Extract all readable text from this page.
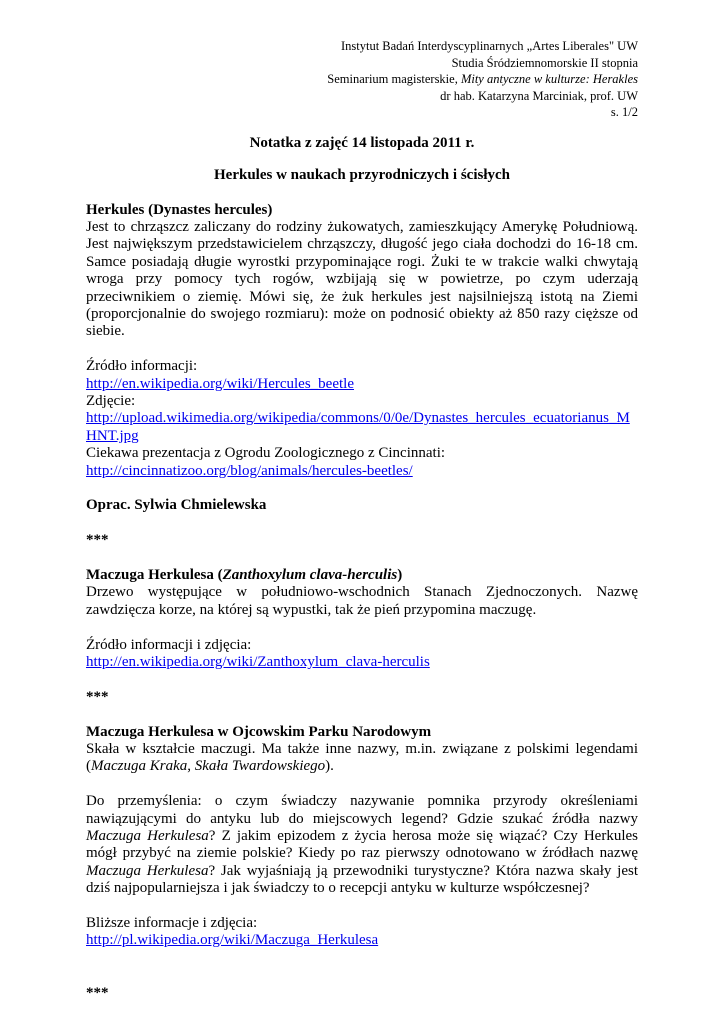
Instytut Badań Interdyscyplinarnych „Artes Liberales" UW
Studia Śródziemnomorskie II stopnia
Seminarium magisterskie, Mity antyczne w kulturze: Herakles
dr hab. Katarzyna Marciniak, prof. UW
s. 1/2
Notatka z zajęć 14 listopada 2011 r.
Herkules w naukach przyrodniczych i ścisłych

Herkules (Dynastes hercules)

Jest to chrząszcz zaliczany do rodziny żukowatych, zamieszkujący Amerykę Południową. Jest największym przedstawicielem chrząszczy, długość jego ciała dochodzi do 16-18 cm. Samce posiadają długie wyrostki przypominające rogi. Żuki te w trakcie walki chwytają wroga przy pomocy tych rogów, wzbijają się w powietrze, po czym uderzają przeciwnikiem o ziemię. Mówi się, że żuk herkules jest najsilniejszą istotą na Ziemi (proporcjonalnie do swojego rozmiaru): może on podnosić obiekty aż 850 razy cięższe od siebie.

Źródło informacji:

http://en.wikipedia.org/wiki/Hercules_beetle

Zdjęcie:

http://upload.wikimedia.org/wikipedia/commons/0/0e/Dynastes_hercules_ecuatorianus_MHNT.jpg

Ciekawa prezentacja z Ogrodu Zoologicznego z Cincinnati:

http://cincinnatizoo.org/blog/animals/hercules-beetles/

Oprac. Sylwia Chmielewska

***

Maczuga Herkulesa (Zanthoxylum clava-herculis)

Drzewo występujące w południowo-wschodnich Stanach Zjednoczonych. Nazwę zawdzięcza korze, na której są wypustki, tak że pień przypomina maczugę.

Źródło informacji i zdjęcia:

http://en.wikipedia.org/wiki/Zanthoxylum_clava-herculis

***

Maczuga Herkulesa w Ojcowskim Parku Narodowym

Skała w kształcie maczugi. Ma także inne nazwy, m.in. związane z polskimi legendami (Maczuga Kraka, Skała Twardowskiego).

Do przemyślenia: o czym świadczy nazywanie pomnika przyrody określeniami nawiązującymi do antyku lub do miejscowych legend? Gdzie szukać źródła nazwy Maczuga Herkulesa? Z jakim epizodem z życia herosa może się wiązać? Czy Herkules mógł przybyć na ziemie polskie? Kiedy po raz pierwszy odnotowano w źródłach nazwę Maczuga Herkulesa? Jak wyjaśniają ją przewodniki turystyczne? Która nazwa skały jest dziś najpopularniejsza i jak świadczy to o recepcji antyku w kulturze współczesnej?

Bliższe informacje i zdjęcia:

http://pl.wikipedia.org/wiki/Maczuga_Herkulesa

***
